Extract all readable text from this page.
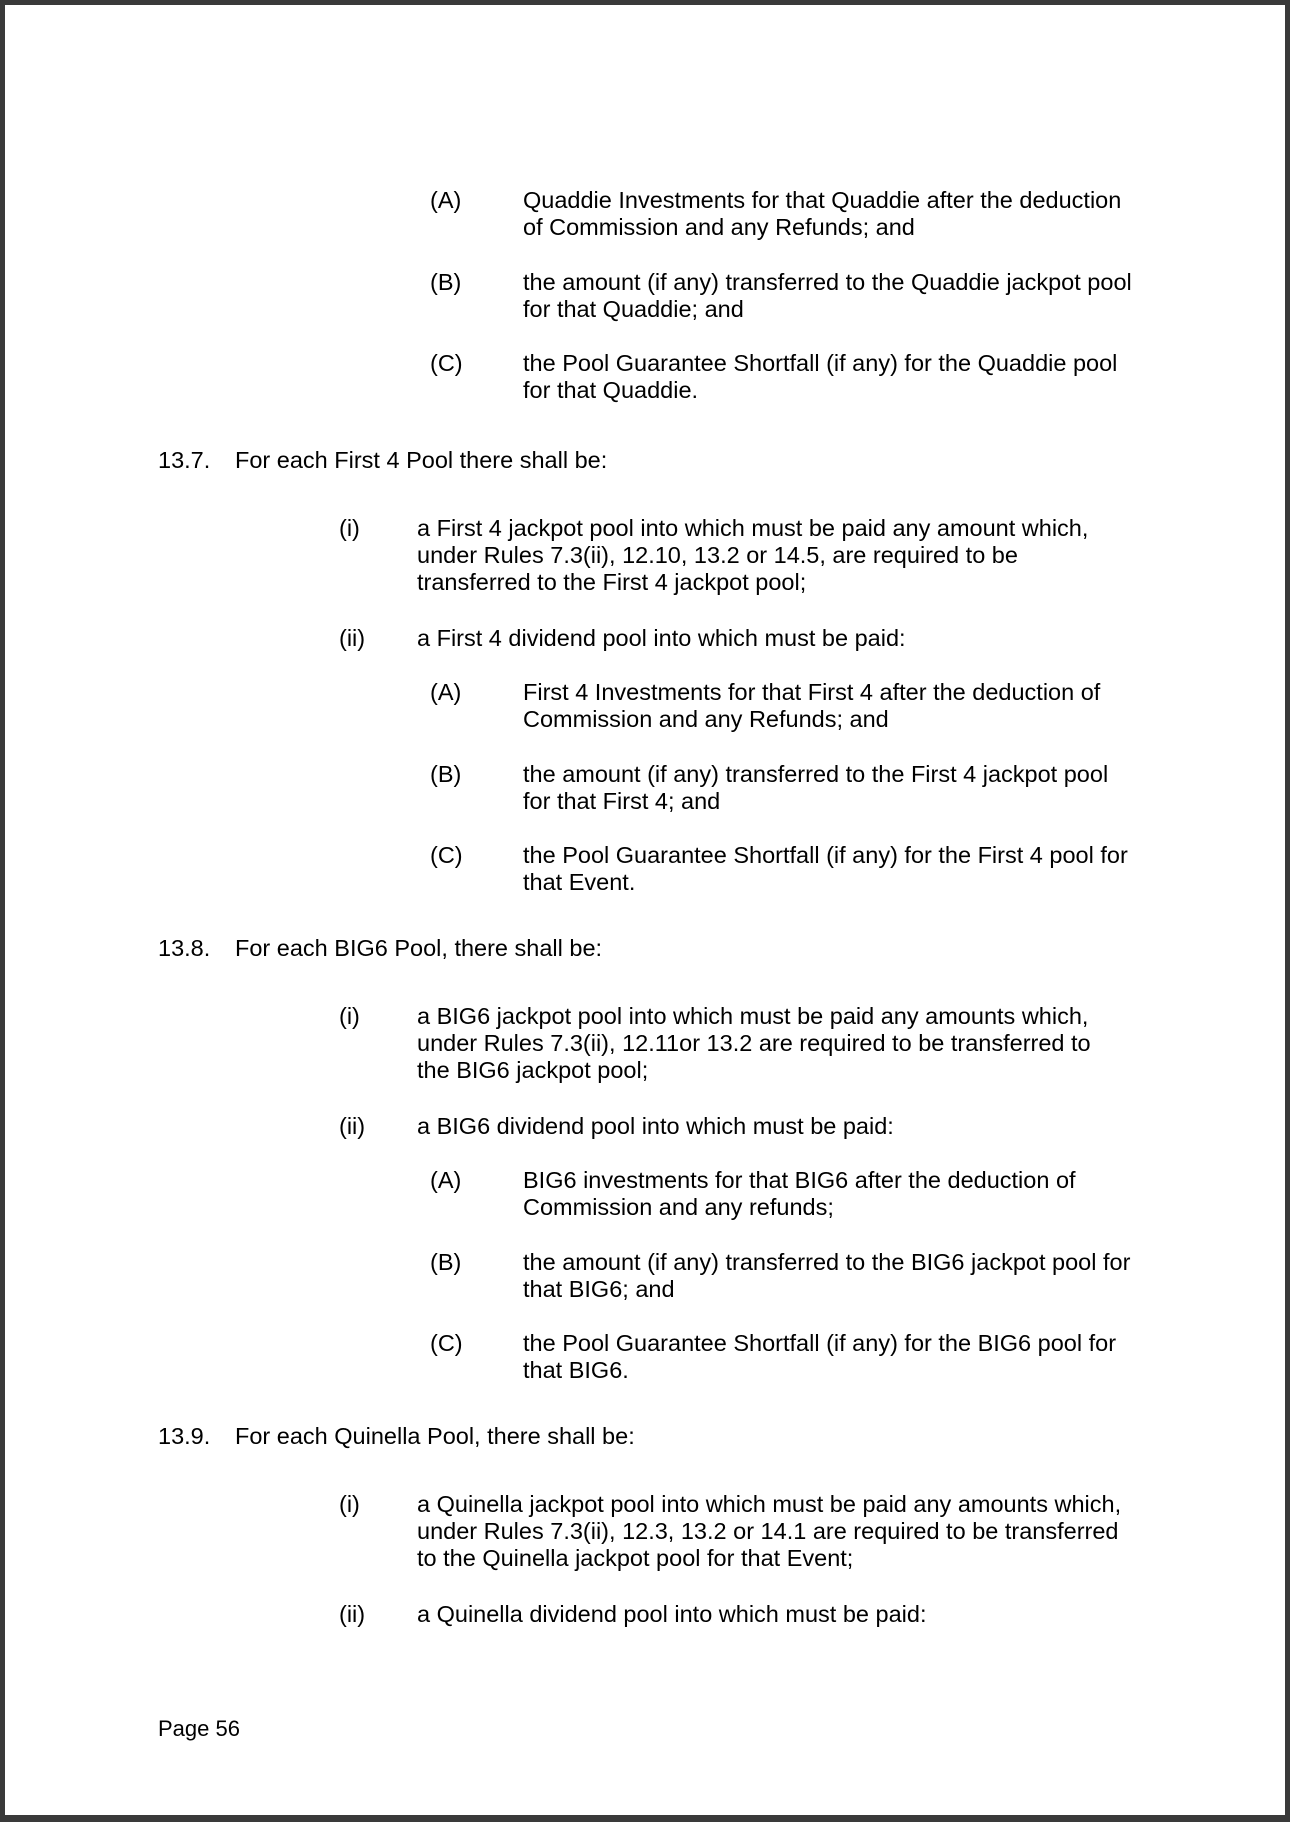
(A)	Quaddie Investments for that Quaddie after the deduction
of Commission and any Refunds; and
(B)	the amount (if any) transferred to the Quaddie jackpot pool
for that Quaddie; and
(C)	the Pool Guarantee Shortfall (if any) for the Quaddie pool
for that Quaddie.
13.7. For each First 4 Pool there shall be:
(i) a First 4 jackpot pool into which must be paid any amount which,
under Rules 7.3(ii), 12.10, 13.2 or 14.5, are required to be
transferred to the First 4 jackpot pool;
(ii) a First 4 dividend pool into which must be paid:
(A)	First 4 Investments for that First 4 after the deduction of
Commission and any Refunds; and
(B)	the amount (if any) transferred to the First 4 jackpot pool
for that First 4; and
(C)	the Pool Guarantee Shortfall (if any) for the First 4 pool for
that Event.
13.8. For each BIG6 Pool, there shall be:
(i) a BIG6 jackpot pool into which must be paid any amounts which,
under Rules 7.3(ii), 12.11or 13.2 are required to be transferred to
the BIG6 jackpot pool;
(ii) a BIG6 dividend pool into which must be paid:
(A)	BIG6 investments for that BIG6 after the deduction of
Commission and any refunds;
(B)	the amount (if any) transferred to the BIG6 jackpot pool for
that BIG6; and
(C)	the Pool Guarantee Shortfall (if any) for the BIG6 pool for
that BIG6.
13.9. For each Quinella Pool, there shall be:
(i) a Quinella jackpot pool into which must be paid any amounts which,
under Rules 7.3(ii), 12.3, 13.2 or 14.1 are required to be transferred
to the Quinella jackpot pool for that Event;
(ii) a Quinella dividend pool into which must be paid:
Page 56
